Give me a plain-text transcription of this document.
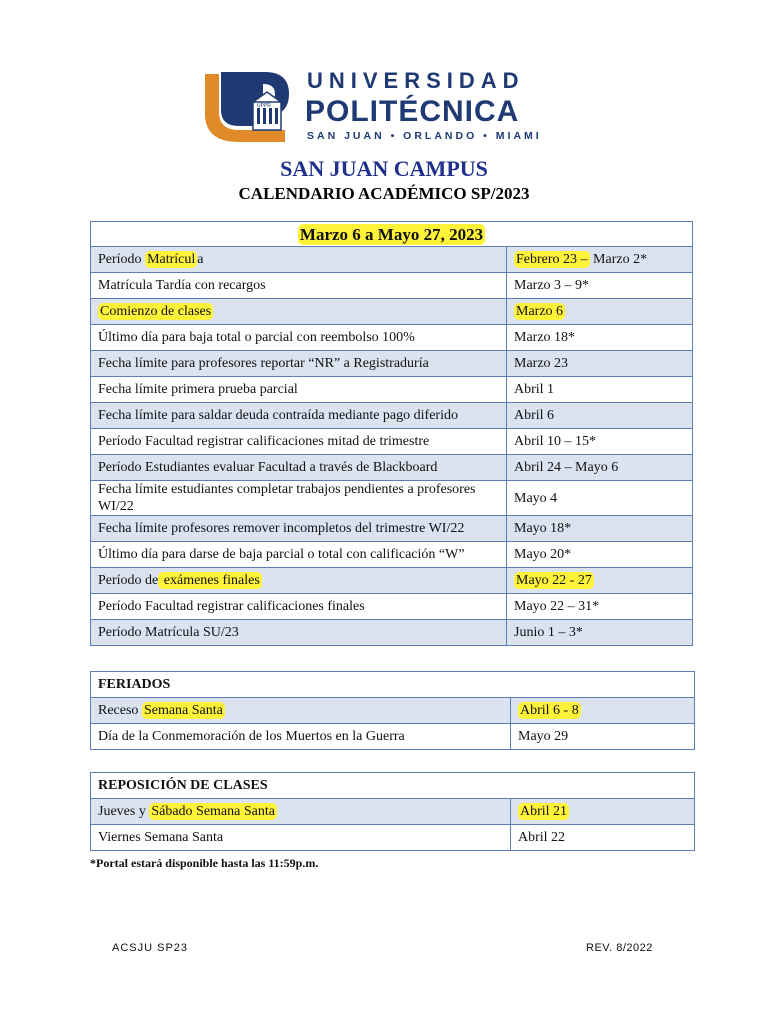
UPPR
UNIVERSIDAD
POLITÉCNICA
SAN JUAN • ORLANDO • MIAMI
SAN JUAN CAMPUS
CALENDARIO ACADÉMICO SP/2023
Marzo 6 a Mayo 27, 2023	
Período Matrícul a	Febrero 23 – Marzo 2*
Matrícula Tardía con recargos	Marzo 3 – 9*
Comienzo de clases	Marzo 6
Último día para baja total o parcial con reembolso 100%	Marzo 18*
Fecha límite para profesores reportar “NR” a Registraduría	Marzo 23
Fecha límite primera prueba parcial	Abril 1
Fecha límite para saldar deuda contraída mediante pago diferido	Abril 6
Período Facultad registrar calificaciones mitad de trimestre	Abril 10 – 15*
Período Estudiantes evaluar Facultad a través de Blackboard	Abril 24 – Mayo 6
Fecha límite estudiantes completar trabajos pendientes a profesores WI/22	Mayo 4
Fecha límite profesores remover incompletos del trimestre WI/22	Mayo 18*
Último día para darse de baja parcial o total con calificación “W”	Mayo 20*
Período de exámenes finales	Mayo 22 - 27
Período Facultad registrar calificaciones finales	Mayo 22 – 31*
Período Matrícula SU/23	Junio 1 – 3*
FERIADOS	
Receso Semana Santa	Abril 6 - 8
Día de la Conmemoración de los Muertos en la Guerra	Mayo 29
REPOSICIÓN DE CLASES	
Jueves y Sábado Semana Santa	Abril 21
Viernes Semana Santa	Abril 22
*Portal estará disponible hasta las 11:59p.m.
ACSJU SP23	REV. 8/2022
